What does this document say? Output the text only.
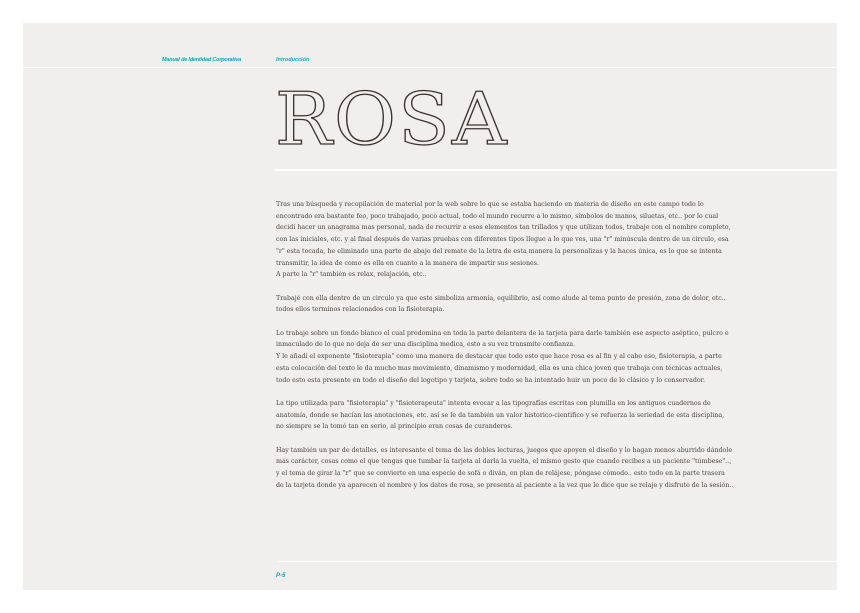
Manual de Identidad Corporativa	Introducción
ROSA

Tras una búsqueda y recopilación de material por la web sobre lo que se estaba haciendo en materia de diseño en este campo todo lo
encontrado era bastante feo, poco trabajado, poco actual, todo el mundo recurre a lo mismo, símbolos de manos, siluetas, etc.. por lo cual
decidí hacer un anagrama mas personal, nada de recurrir a esos elementos tan trillados y que utilizan todos, trabaje con el nombre completo,
con las iniciales, etc. y al final después de varias pruebas con diferentes tipos llegue a lo que ves, una "r" minúscula dentro de un circulo, esa
"r" esta tocada, he eliminado una parte de abajo del remate de la letra de esta manera la personalizas y la haces única, es lo que se intenta
transmitir, la idea de como es ella en cuanto a la manera de impartir sus sesiones.
A parte la "r" también es relax, relajación, etc..

Trabajé con ella dentro de un circulo ya que este simboliza armonía, equilibrio, así como alude al tema punto de presión, zona de dolor, etc..
todos ellos terminos relacionados con la fisioterapia.

Lo trabaje sobre un fondo blanco el cual predomina en toda la parte delantera de la tarjeta para darle también ese aspecto aséptico, pulcro e
inmaculado de lo que no deja de ser una disciplina medica, esto a su vez transmite confianza.
Y le añadí el exponente "fisioterapia" como una manera de destacar que todo esto que hace rosa es al fin y al cabo eso, fisioterapia, a parte
esta colocación del texto le da mucho mas movimiento, dinamismo y modernidad, ella es una chica joven que trabaja con técnicas actuales,
todo esto esta presente en todo el diseño del logotipo y tarjeta, sobre todo se ha intentado huir un poco de lo clásico y lo conservador.

La tipo utilizada para "fisioterapia" y "fisioterapeuta" intenta evocar a las tipografías escritas con plumilla en los antiguos cuadernos de
anatomía, donde se hacían las anotaciones, etc. así se le da también un valor historico-cientifico y se refuerza la seriedad de esta disciplina,
no siempre se la tomó tan en serio, al principio eran cosas de curanderos.

Hay también un par de detalles, es interesante el tema de las dobles lecturas, juegos que apoyen el diseño y lo hagan menos aburrido dándole
mas carácter, cosas como el que tengas que tumbar la tarjeta al darla la vuelta, el mismo gesto que cuando recibes a un paciente "túmbese"..,
y el tema de girar la "r" que se convierte en una especie de sofá o diván, en plan de relájese, póngase cómodo.. esto todo en la parte trasera
de la tarjeta donde ya aparecen el nombre y los datos de rosa, se presenta al paciente a la vez que le dice que se relaje y disfrute de la sesión..

P-5
